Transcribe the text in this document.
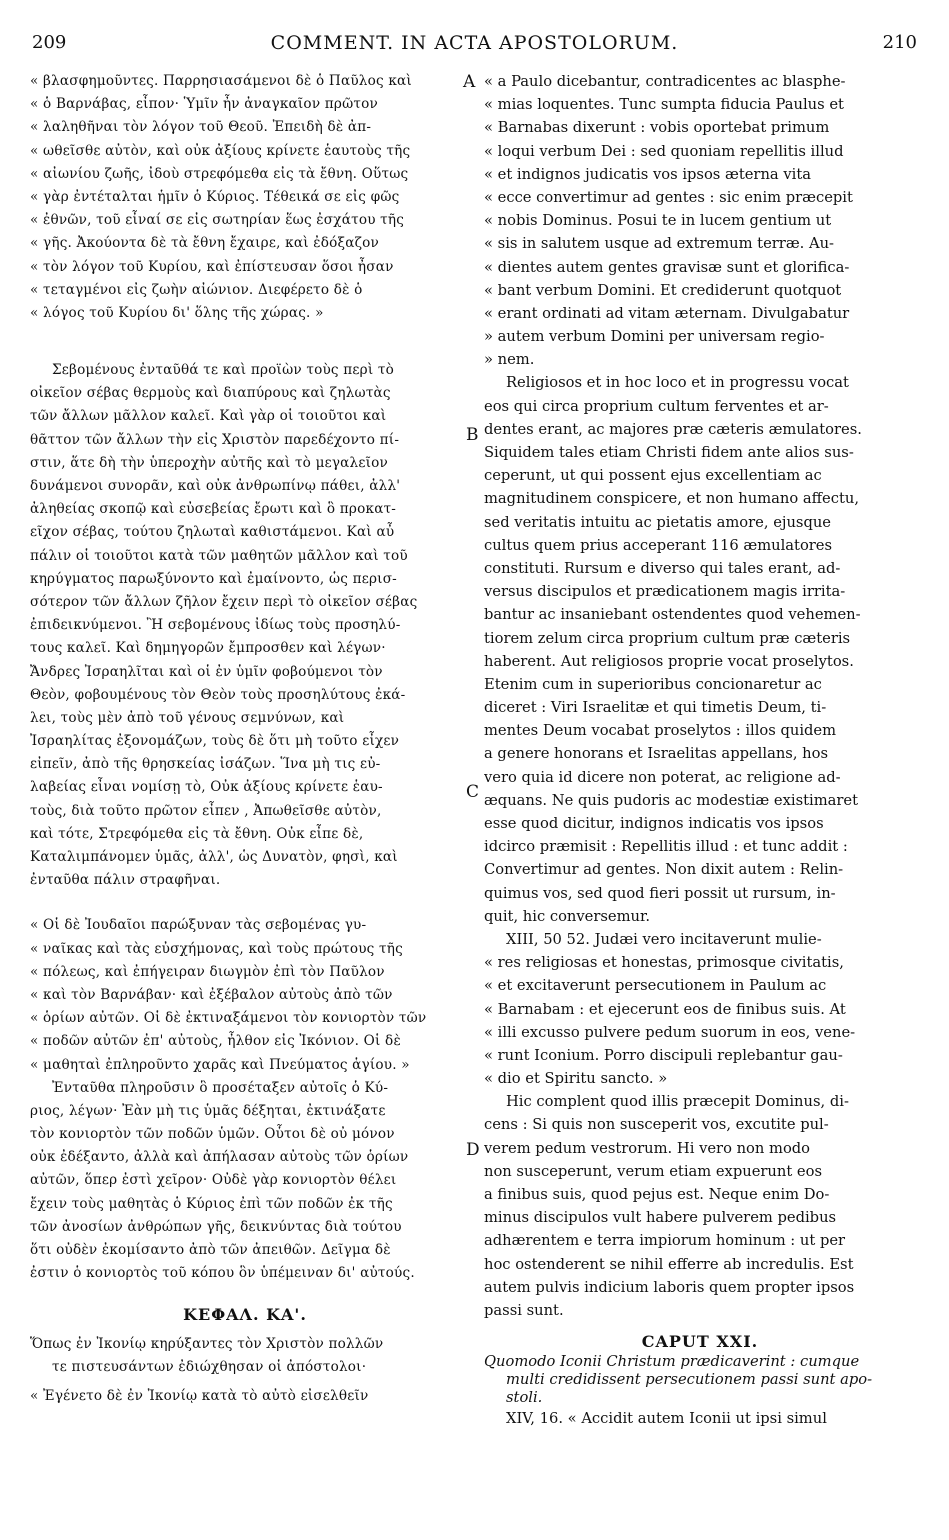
209	COMMENT. IN ACTA APOSTOLORUM.	210
A
B
C
D
« βλασφημοῦντες. Παρρησιασάμενοι δὲ ὁ Παῦλος καὶ
« ὁ Βαρνάβας, εἶπον· Ὑμῖν ἦν ἀναγκαῖον πρῶτον
« λαληθῆναι τὸν λόγον τοῦ Θεοῦ. Ἐπειδὴ δὲ ἀπ-
« ωθεῖσθε αὐτὸν, καὶ οὐκ ἀξίους κρίνετε ἑαυτοὺς τῆς
« αἰωνίου ζωῆς, ἰδοὺ στρεφόμεθα εἰς τὰ ἔθνη. Οὕτως
« γὰρ ἐντέταλται ἡμῖν ὁ Κύριος. Τέθεικά σε εἰς φῶς
« ἐθνῶν, τοῦ εἶναί σε εἰς σωτηρίαν ἕως ἐσχάτου τῆς
« γῆς. Ἀκούοντα δὲ τὰ ἔθνη ἔχαιρε, καὶ ἐδόξαζον
« τὸν λόγον τοῦ Κυρίου, καὶ ἐπίστευσαν ὅσοι ἦσαν
« τεταγμένοι εἰς ζωὴν αἰώνιον. Διεφέρετο δὲ ὁ
« λόγος τοῦ Κυρίου δι' ὅλης τῆς χώρας. »
Σεβομένους ἐνταῦθά τε καὶ προϊὼν τοὺς περὶ τὸ
οἰκεῖον σέβας θερμοὺς καὶ διαπύρους καὶ ζηλωτὰς
τῶν ἄλλων μᾶλλον καλεῖ. Καὶ γὰρ οἱ τοιοῦτοι καὶ
θᾶττον τῶν ἄλλων τὴν εἰς Χριστὸν παρεδέχοντο πί-
στιν, ἅτε δὴ τὴν ὑπεροχὴν αὐτῆς καὶ τὸ μεγαλεῖον
δυνάμενοι συνορᾶν, καὶ οὐκ ἀνθρωπίνῳ πάθει, ἀλλ'
ἀληθείας σκοπῷ καὶ εὐσεβείας ἔρωτι καὶ ὃ προκατ-
εῖχον σέβας, τούτου ζηλωταὶ καθιστάμενοι. Καὶ αὖ
πάλιν οἱ τοιοῦτοι κατὰ τῶν μαθητῶν μᾶλλον καὶ τοῦ
κηρύγματος παρωξύνοντο καὶ ἐμαίνοντο, ὡς περισ-
σότερον τῶν ἄλλων ζῆλον ἔχειν περὶ τὸ οἰκεῖον σέβας
ἐπιδεικνύμενοι. Ἢ σεβομένους ἰδίως τοὺς προσηλύ-
τους καλεῖ. Καὶ δημηγορῶν ἔμπροσθεν καὶ λέγων·
Ἄνδρες Ἰσραηλῖται καὶ οἱ ἐν ὑμῖν φοβούμενοι τὸν
Θεὸν, φοβουμένους τὸν Θεὸν τοὺς προσηλύτους ἐκά-
λει, τοὺς μὲν ἀπὸ τοῦ γένους σεμνύνων, καὶ
Ἰσραηλίτας ἐξονομάζων, τοὺς δὲ ὅτι μὴ τοῦτο εἶχεν
εἰπεῖν, ἀπὸ τῆς θρησκείας ἰσάζων. Ἵνα μὴ τις εὐ-
λαβείας εἶναι νομίσῃ τὸ, Οὐκ ἀξίους κρίνετε ἑαυ-
τοὺς, διὰ τοῦτο πρῶτον εἶπεν , Ἀπωθεῖσθε αὐτὸν,
καὶ τότε, Στρεφόμεθα εἰς τὰ ἔθνη. Οὐκ εἶπε δὲ,
Καταλιμπάνομεν ὑμᾶς, ἀλλ', ὡς Δυνατὸν, φησὶ, καὶ
ἐνταῦθα πάλιν στραφῆναι.
« Οἱ δὲ Ἰουδαῖοι παρώξυναν τὰς σεβομένας γυ-
« ναῖκας καὶ τὰς εὐσχήμονας, καὶ τοὺς πρώτους τῆς
« πόλεως, καὶ ἐπήγειραν διωγμὸν ἐπὶ τὸν Παῦλον
« καὶ τὸν Βαρνάβαν· καὶ ἐξέβαλον αὐτοὺς ἀπὸ τῶν
« ὁρίων αὐτῶν. Οἱ δὲ ἐκτιναξάμενοι τὸν κονιορτὸν τῶν
« ποδῶν αὐτῶν ἐπ' αὐτοὺς, ἦλθον εἰς Ἰκόνιον. Οἱ δὲ
« μαθηταὶ ἐπληροῦντο χαρᾶς καὶ Πνεύματος ἁγίου. »
Ἐνταῦθα πληροῦσιν ὃ προσέταξεν αὐτοῖς ὁ Κύ-
ριος, λέγων· Ἐὰν μὴ τις ὑμᾶς δέξηται, ἐκτινάξατε
τὸν κονιορτὸν τῶν ποδῶν ὑμῶν. Οὗτοι δὲ οὐ μόνον
οὐκ ἐδέξαντο, ἀλλὰ καὶ ἀπήλασαν αὐτοὺς τῶν ὁρίων
αὐτῶν, ὅπερ ἐστὶ χεῖρον· Οὐδὲ γὰρ κονιορτὸν θέλει
ἔχειν τοὺς μαθητὰς ὁ Κύριος ἐπὶ τῶν ποδῶν ἐκ τῆς
τῶν ἀνοσίων ἀνθρώπων γῆς, δεικνύντας διὰ τούτου
ὅτι οὐδὲν ἐκομίσαντο ἀπὸ τῶν ἀπειθῶν. Δεῖγμα δὲ
ἐστιν ὁ κονιορτὸς τοῦ κόπου ὃν ὑπέμειναν δι' αὐτούς.
ΚΕΦΑΛ. ΚΑ'.
Ὅπως ἐν Ἰκονίῳ κηρύξαντες τὸν Χριστὸν πολλῶν
τε πιστευσάντων ἐδιώχθησαν οἱ ἀπόστολοι·
« Ἐγένετο δὲ ἐν Ἰκονίῳ κατὰ τὸ αὐτὸ εἰσελθεῖν
« a Paulo dicebantur, contradicentes ac blasphe-
« mias loquentes. Tunc sumpta fiducia Paulus et
« Barnabas dixerunt : vobis oportebat primum
« loqui verbum Dei : sed quoniam repellitis illud
« et indignos judicatis vos ipsos æterna vita
« ecce convertimur ad gentes : sic enim præcepit
« nobis Dominus. Posui te in lucem gentium ut
« sis in salutem usque ad extremum terræ. Au-
« dientes autem gentes gravisæ sunt et glorifica-
« bant verbum Domini. Et crediderunt quotquot
« erant ordinati ad vitam æternam. Divulgabatur
» autem verbum Domini per universam regio-
» nem.
Religiosos et in hoc loco et in progressu vocat
eos qui circa proprium cultum ferventes et ar-
dentes erant, ac majores præ cæteris æmulatores.
Siquidem tales etiam Christi fidem ante alios sus-
ceperunt, ut qui possent ejus excellentiam ac
magnitudinem conspicere, et non humano affectu,
sed veritatis intuitu ac pietatis amore, ejusque
cultus quem prius acceperant 116 æmulatores
constituti. Rursum e diverso qui tales erant, ad-
versus discipulos et prædicationem magis irrita-
bantur ac insaniebant ostendentes quod vehemen-
tiorem zelum circa proprium cultum præ cæteris
haberent. Aut religiosos proprie vocat proselytos.
Etenim cum in superioribus concionaretur ac
diceret : Viri Israelitæ et qui timetis Deum, ti-
mentes Deum vocabat proselytos : illos quidem
a genere honorans et Israelitas appellans, hos
vero quia id dicere non poterat, ac religione ad-
æquans. Ne quis pudoris ac modestiæ existimaret
esse quod dicitur, indignos indicatis vos ipsos
idcirco præmisit : Repellitis illud : et tunc addit :
Convertimur ad gentes. Non dixit autem : Relin-
quimus vos, sed quod fieri possit ut rursum, in-
quit, hic conversemur.
XIII, 50 52. Judæi vero incitaverunt mulie-
« res religiosas et honestas, primosque civitatis,
« et excitaverunt persecutionem in Paulum ac
« Barnabam : et ejecerunt eos de finibus suis. At
« illi excusso pulvere pedum suorum in eos, vene-
« runt Iconium. Porro discipuli replebantur gau-
« dio et Spiritu sancto. »
Hic complent quod illis præcepit Dominus, di-
cens : Si quis non susceperit vos, excutite pul-
verem pedum vestrorum. Hi vero non modo
non susceperunt, verum etiam expuerunt eos
a finibus suis, quod pejus est. Neque enim Do-
minus discipulos vult habere pulverem pedibus
adhærentem e terra impiorum hominum : ut per
hoc ostenderent se nihil efferre ab incredulis. Est
autem pulvis indicium laboris quem propter ipsos
passi sunt.
CAPUT XXI.
Quomodo Iconii Christum prædicaverint : cumque
multi credidissent persecutionem passi sunt apo-
stoli.
XIV, 16. « Accidit autem Iconii ut ipsi simul
